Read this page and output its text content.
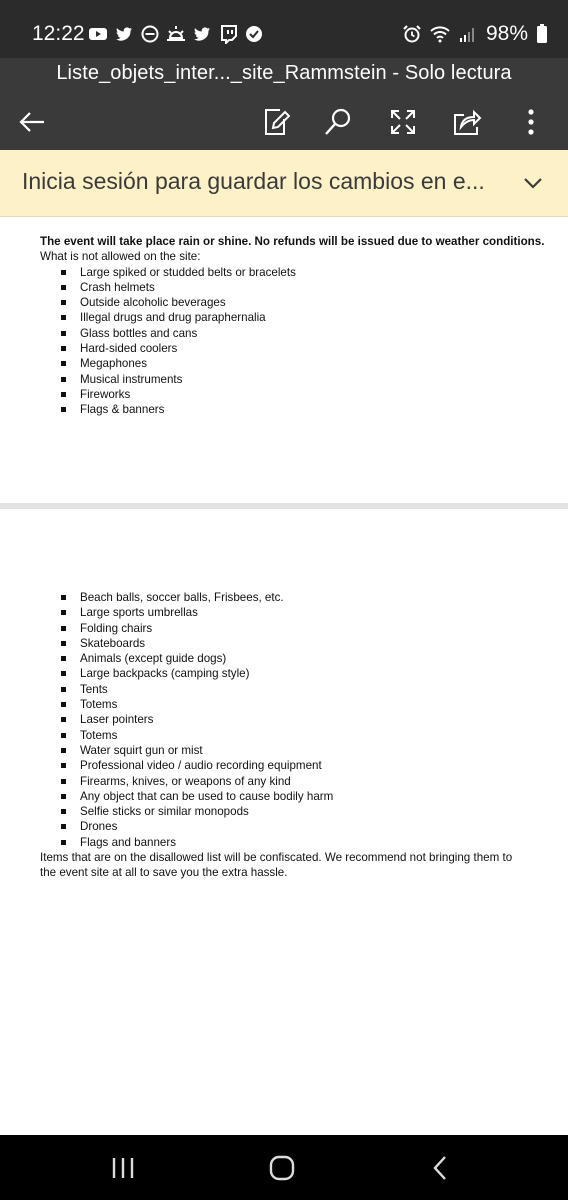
12:22	98%
Liste_objets_inter..._site_Rammstein - Solo lectura
Inicia sesión para guardar los cambios en e...

The event will take place rain or shine. No refunds will be issued due to weather conditions.

What is not allowed on the site:

Large spiked or studded belts or bracelets
Crash helmets
Outside alcoholic beverages
Illegal drugs and drug paraphernalia
Glass bottles and cans
Hard-sided coolers
Megaphones
Musical instruments
Fireworks
Flags & banners
Beach balls, soccer balls, Frisbees, etc.
Large sports umbrellas
Folding chairs
Skateboards
Animals (except guide dogs)
Large backpacks (camping style)
Tents
Totems
Laser pointers
Totems
Water squirt gun or mist
Professional video / audio recording equipment
Firearms, knives, or weapons of any kind
Any object that can be used to cause bodily harm
Selfie sticks or similar monopods
Drones
Flags and banners

Items that are on the disallowed list will be confiscated. We recommend not bringing them to

the event site at all to save you the extra hassle.
